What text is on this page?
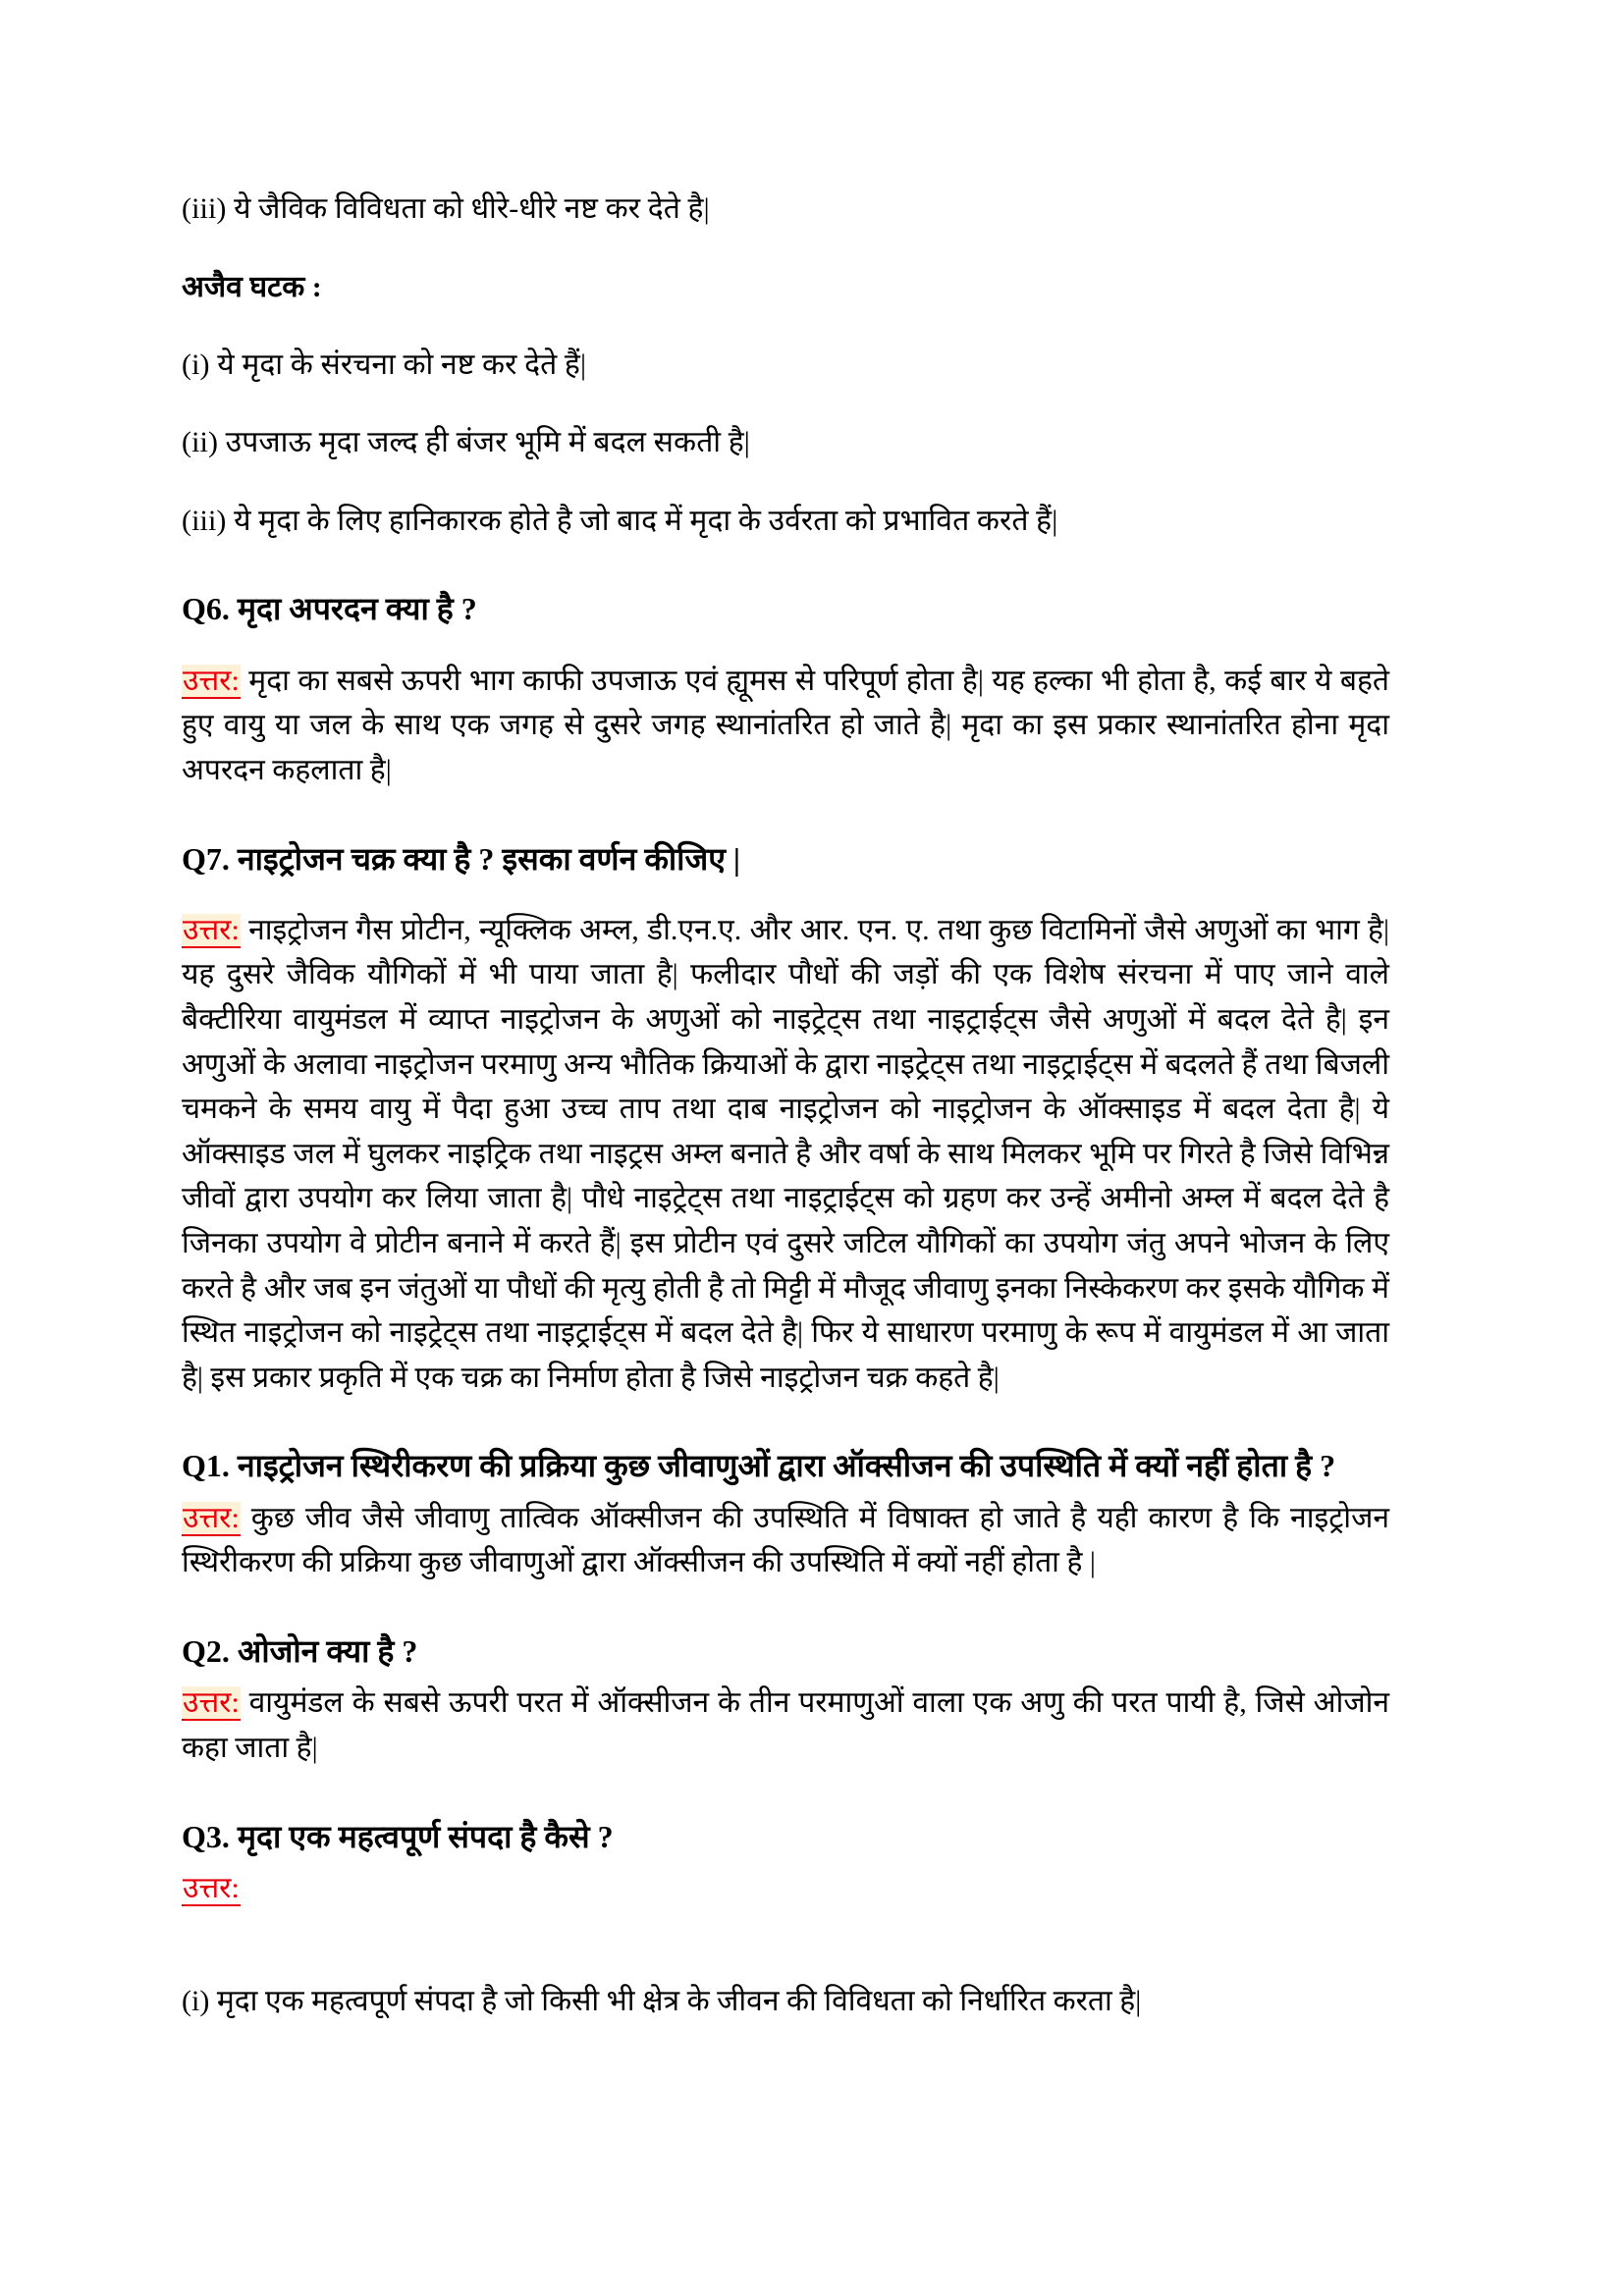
(iii) ये जैविक विविधता को धीरे-धीरे नष्ट कर देते है|

अजैव घटक :

(i) ये मृदा के संरचना को नष्ट कर देते हैं|

(ii) उपजाऊ मृदा जल्द ही बंजर भूमि में बदल सकती है|

(iii) ये मृदा के लिए हानिकारक होते है जो बाद में मृदा के उर्वरता को प्रभावित करते हैं|

Q6. मृदा अपरदन क्या है ?

उत्तर: मृदा का सबसे ऊपरी भाग काफी उपजाऊ एवं ह्यूमस से परिपूर्ण होता है| यह हल्का भी होता है, कई बार ये बहते हुए वायु या जल के साथ एक जगह से दुसरे जगह स्थानांतरित हो जाते है| मृदा का इस प्रकार स्थानांतरित होना मृदा अपरदन कहलाता है|

Q7. नाइट्रोजन चक्र क्या है ? इसका वर्णन कीजिए |

उत्तर: नाइट्रोजन गैस प्रोटीन, न्यूक्लिक अम्ल, डी.एन.ए. और आर. एन. ए. तथा कुछ विटामिनों जैसे अणुओं का भाग है| यह दुसरे जैविक यौगिकों में भी पाया जाता है| फलीदार पौधों की जड़ों की एक विशेष संरचना में पाए जाने वाले बैक्टीरिया वायुमंडल में व्याप्त नाइट्रोजन के अणुओं को नाइट्रेट्स तथा नाइट्राईट्स जैसे अणुओं में बदल देते है| इन अणुओं के अलावा नाइट्रोजन परमाणु अन्य भौतिक क्रियाओं के द्वारा नाइट्रेट्स तथा नाइट्राईट्स में बदलते हैं तथा बिजली चमकने के समय वायु में पैदा हुआ उच्च ताप तथा दाब नाइट्रोजन को नाइट्रोजन के ऑक्साइड में बदल देता है| ये ऑक्साइड जल में घुलकर नाइट्रिक तथा नाइट्रस अम्ल बनाते है और वर्षा के साथ मिलकर भूमि पर गिरते है जिसे विभिन्न जीवों द्वारा उपयोग कर लिया जाता है| पौधे नाइट्रेट्स तथा नाइट्राईट्स को ग्रहण कर उन्हें अमीनो अम्ल में बदल देते है जिनका उपयोग वे प्रोटीन बनाने में करते हैं| इस प्रोटीन एवं दुसरे जटिल यौगिकों का उपयोग जंतु अपने भोजन के लिए करते है और जब इन जंतुओं या पौधों की मृत्यु होती है तो मिट्टी में मौजूद जीवाणु इनका निस्केकरण कर इसके यौगिक में स्थित नाइट्रोजन को नाइट्रेट्स तथा नाइट्राईट्स में बदल देते है| फिर ये साधारण परमाणु के रूप में वायुमंडल में आ जाता है| इस प्रकार प्रकृति में एक चक्र का निर्माण होता है जिसे नाइट्रोजन चक्र कहते है|

Q1. नाइट्रोजन स्थिरीकरण की प्रक्रिया कुछ जीवाणुओं द्वारा ऑक्सीजन की उपस्थिति में क्यों नहीं होता है ?

उत्तर: कुछ जीव जैसे जीवाणु तात्विक ऑक्सीजन की उपस्थिति में विषाक्त हो जाते है यही कारण है कि नाइट्रोजन स्थिरीकरण की प्रक्रिया कुछ जीवाणुओं द्वारा ऑक्सीजन की उपस्थिति में क्यों नहीं होता है |

Q2. ओजोन क्या है ?

उत्तर: वायुमंडल के सबसे ऊपरी परत में ऑक्सीजन के तीन परमाणुओं वाला एक अणु की परत पायी है, जिसे ओजोन कहा जाता है|

Q3. मृदा एक महत्वपूर्ण संपदा है कैसे ?

उत्तर:

(i) मृदा एक महत्वपूर्ण संपदा है जो किसी भी क्षेत्र के जीवन की विविधता को निर्धारित करता है|
